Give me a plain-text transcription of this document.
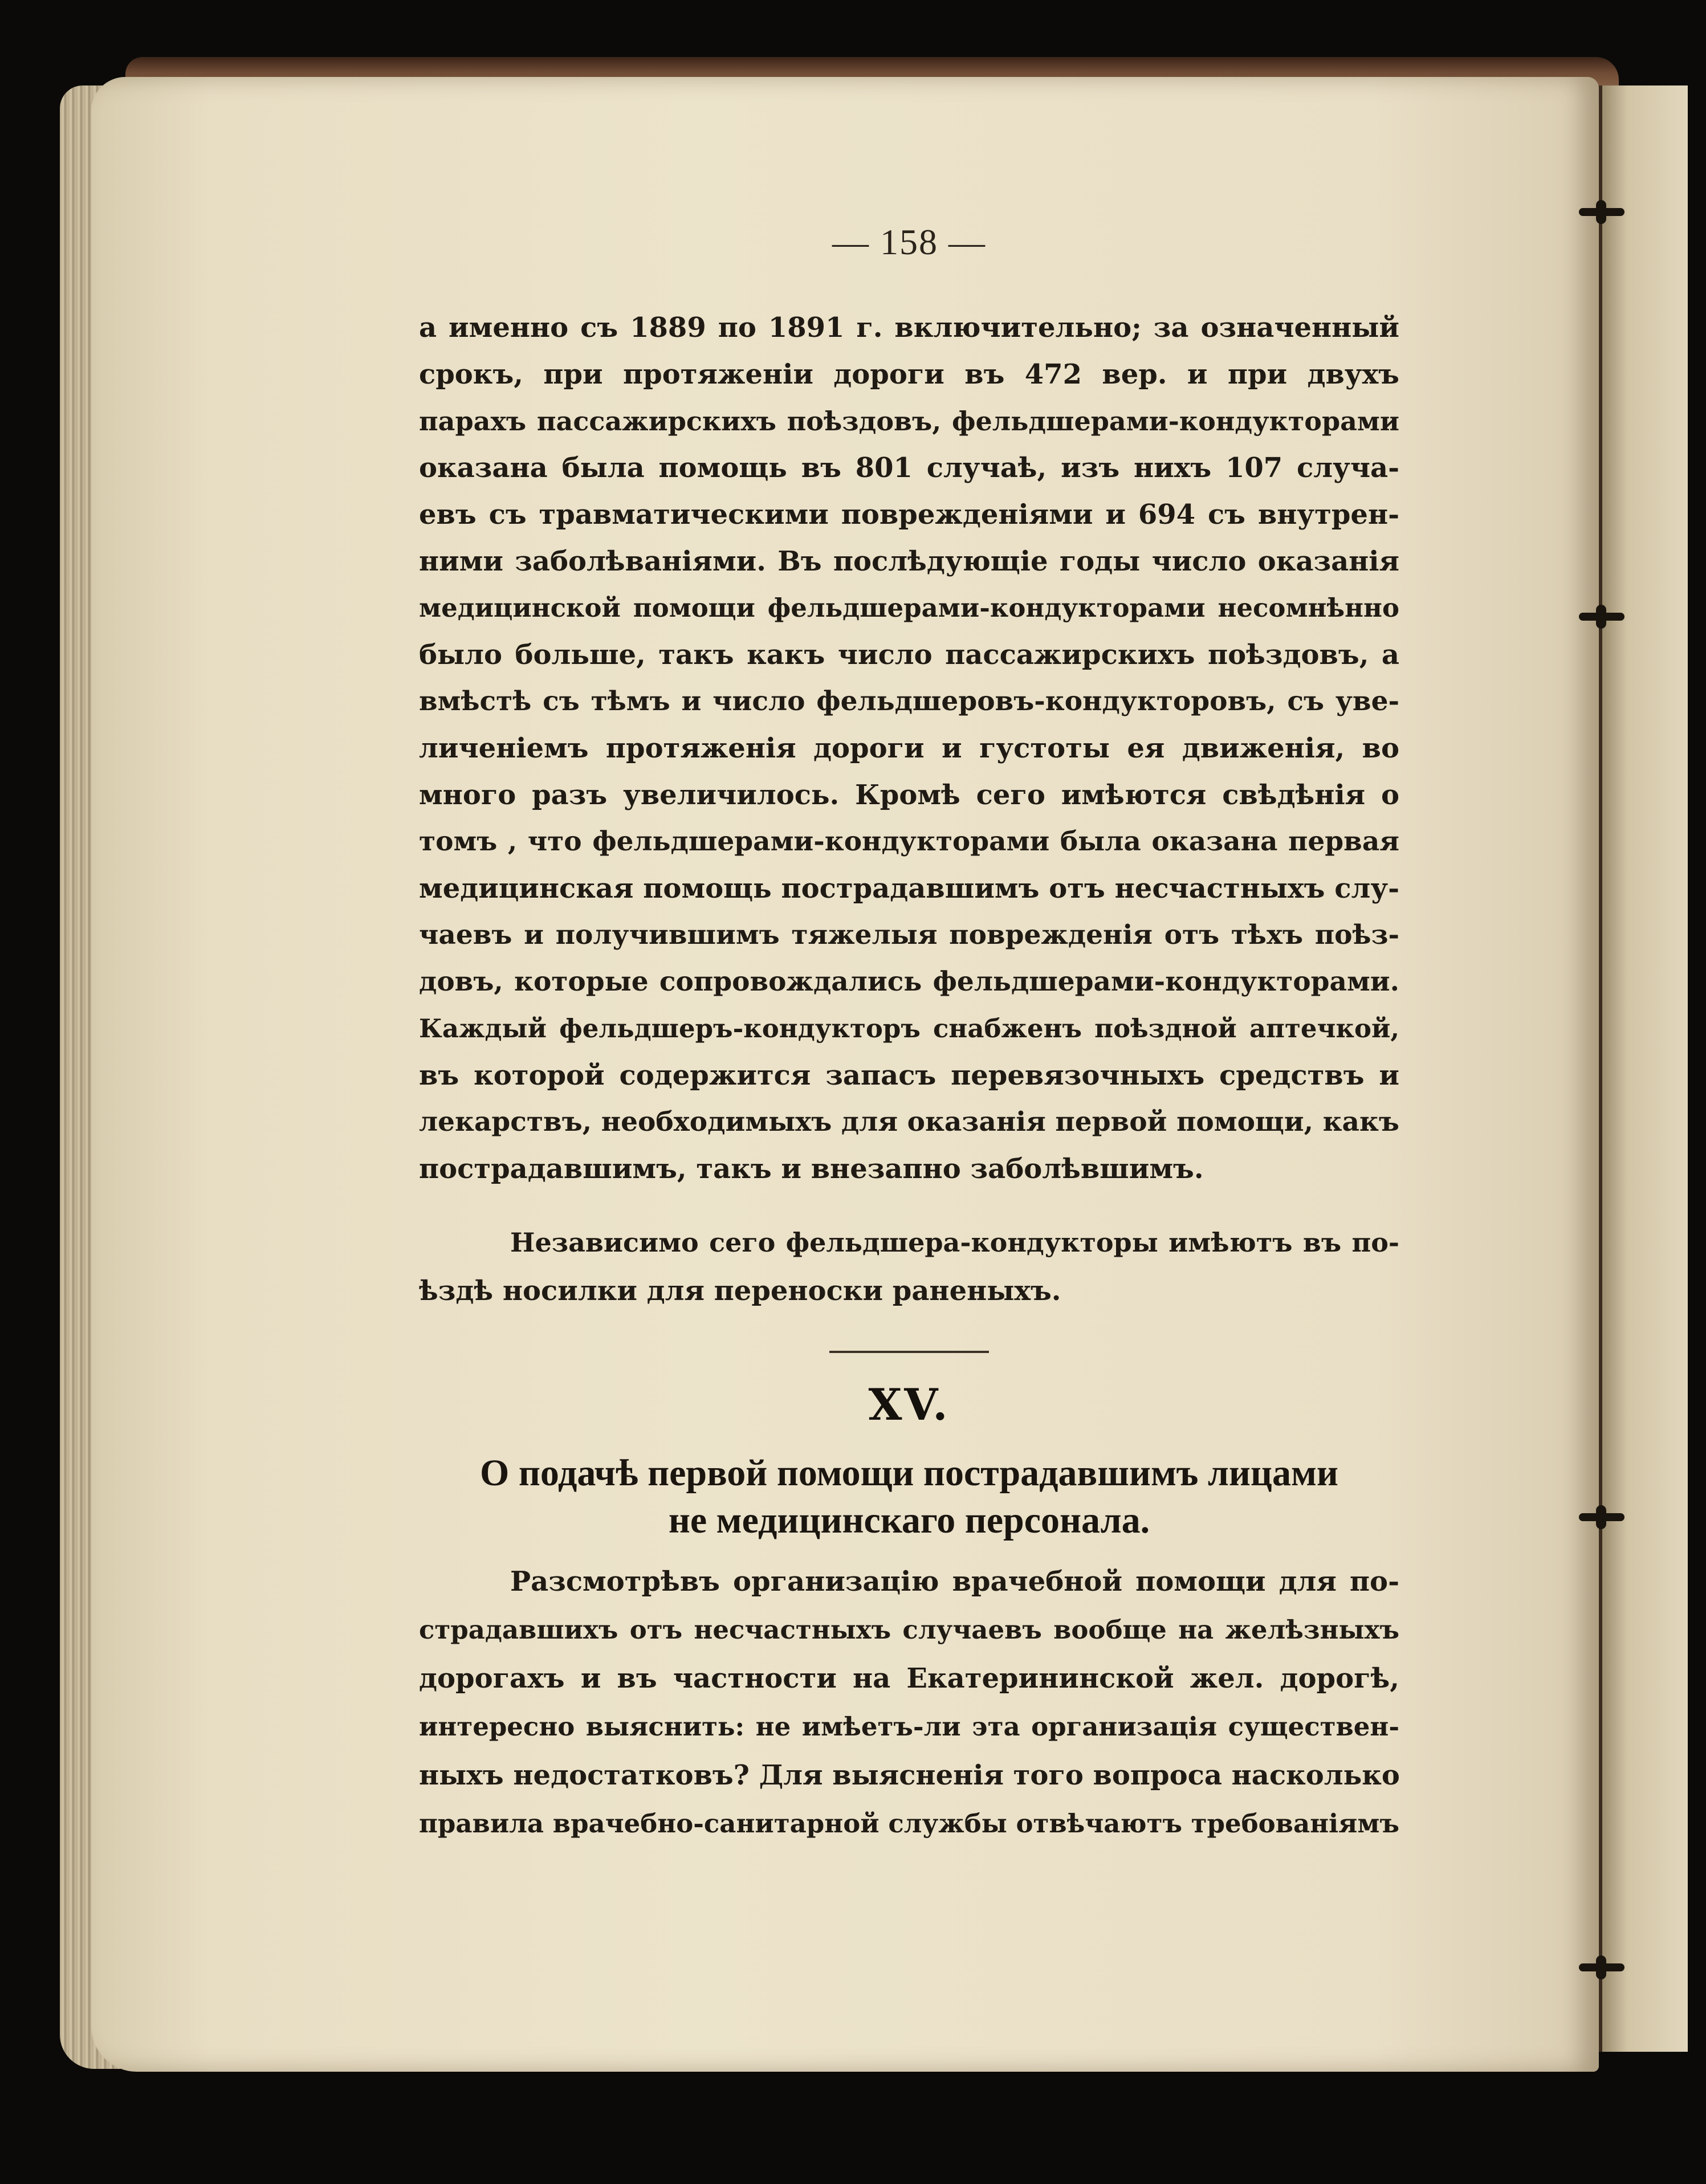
— 158 —
а именно съ 1889 по 1891 г. включительно; за означенный
срокъ, при протяженіи дороги въ 472 вер. и при двухъ
парахъ пассажирскихъ поѣздовъ, фельдшерами-кондукторами
оказана была помощь въ 801 случаѣ, изъ нихъ 107 случа-
евъ съ травматическими поврежденіями и 694 съ внутрен-
ними заболѣваніями. Въ послѣдующіе годы число оказанія
медицинской помощи фельдшерами-кондукторами несомнѣнно
было больше, такъ какъ число пассажирскихъ поѣздовъ, а
вмѣстѣ съ тѣмъ и число фельдшеровъ-кондукторовъ, съ уве-
личеніемъ протяженія дороги и густоты ея движенія, во
много разъ увеличилось. Кромѣ сего имѣются свѣдѣнія о
томъ , что фельдшерами-кондукторами была оказана первая
медицинская помощь пострадавшимъ отъ несчастныхъ слу-
чаевъ и получившимъ тяжелыя поврежденія отъ тѣхъ поѣз-
довъ, которые сопровождались фельдшерами-кондукторами.
Каждый фельдшеръ-кондукторъ снабженъ поѣздной аптечкой,
въ которой содержится запасъ перевязочныхъ средствъ и
лекарствъ, необходимыхъ для оказанія первой помощи, какъ
пострадавшимъ, такъ и внезапно заболѣвшимъ.
Независимо сего фельдшера-кондукторы имѣютъ въ по-
ѣздѣ носилки для переноски раненыхъ.
XV.
О подачѣ первой помощи пострадавшимъ лицами
не медицинскаго персонала.
Разсмотрѣвъ организацію врачебной помощи для по-
страдавшихъ отъ несчастныхъ случаевъ вообще на желѣзныхъ
дорогахъ и въ частности на Екатерининской жел. дорогѣ,
интересно выяснить: не имѣетъ-ли эта организація существен-
ныхъ недостатковъ? Для выясненія того вопроса насколько
правила врачебно-санитарной службы отвѣчаютъ требованіямъ
